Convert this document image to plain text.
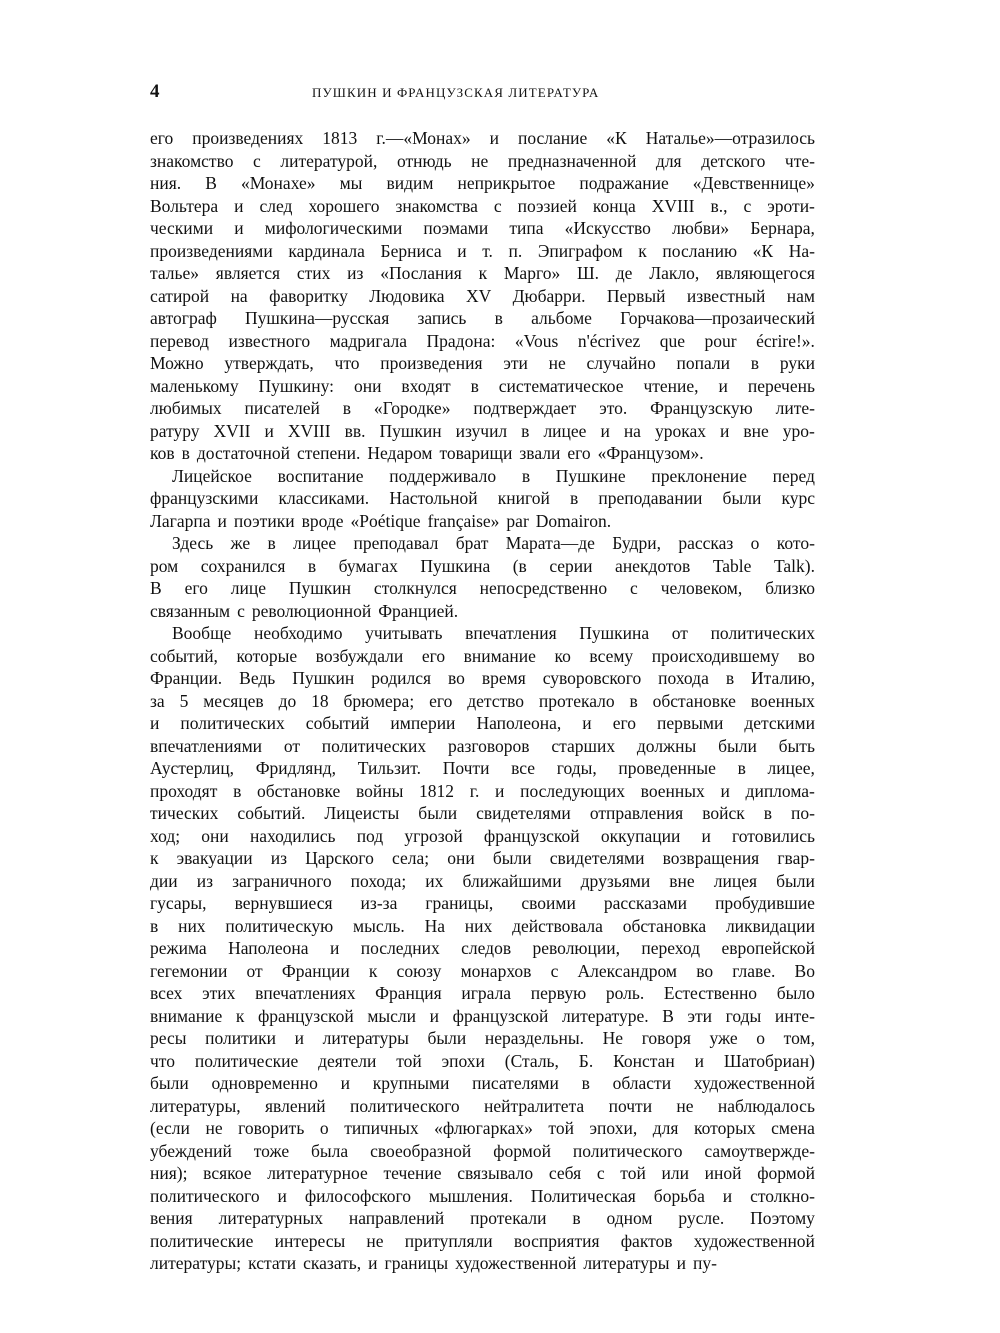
4	ПУШКИН И ФРАНЦУЗСКАЯ ЛИТЕРАТУРА
его произведениях 1813 г.—«Монах» и послание «К Наталье»—отразилось
знакомство с литературой, отнюдь не предназначенной для детского чте-
ния. В «Монахе» мы видим неприкрытое подражание «Девственнице»
Вольтера и след хорошего знакомства с поэзией конца XVIII в., с эроти-
ческими и мифологическими поэмами типа «Искусство любви» Бернара,
произведениями кардинала Берниса и т. п. Эпиграфом к посланию «К На-
талье» является стих из «Послания к Марго» Ш. де Лакло, являющегося
сатирой на фаворитку Людовика XV Дюбарри. Первый известный нам
автограф Пушкина—русская запись в альбоме Горчакова—прозаический
перевод известного мадригала Прадона: «Vous n'écrivez que pour écrire!».
Можно утверждать, что произведения эти не случайно попали в руки
маленькому Пушкину: они входят в систематическое чтение, и перечень
любимых писателей в «Городке» подтверждает это. Французскую лите-
ратуру XVII и XVIII вв. Пушкин изучил в лицее и на уроках и вне уро-
ков в достаточной степени. Недаром товарищи звали его «Французом».
Лицейское воспитание поддерживало в Пушкине преклонение перед
французскими классиками. Настольной книгой в преподавании были курс
Лагарпа и поэтики вроде «Poétique française» par Domairon.
Здесь же в лицее преподавал брат Марата—де Будри, рассказ о кото-
ром сохранился в бумагах Пушкина (в серии анекдотов Table Talk).
В его лице Пушкин столкнулся непосредственно с человеком, близко
связанным с революционной Францией.
Вообще необходимо учитывать впечатления Пушкина от политических
событий, которые возбуждали его внимание ко всему происходившему во
Франции. Ведь Пушкин родился во время суворовского похода в Италию,
за 5 месяцев до 18 брюмера; его детство протекало в обстановке военных
и политических событий империи Наполеона, и его первыми детскими
впечатлениями от политических разговоров старших должны были быть
Аустерлиц, Фридлянд, Тильзит. Почти все годы, проведенные в лицее,
проходят в обстановке войны 1812 г. и последующих военных и диплома-
тических событий. Лицеисты были свидетелями отправления войск в по-
ход; они находились под угрозой французской оккупации и готовились
к эвакуации из Царского села; они были свидетелями возвращения гвар-
дии из заграничного похода; их ближайшими друзьями вне лицея были
гусары, вернувшиеся из-за границы, своими рассказами пробудившие
в них политическую мысль. На них действовала обстановка ликвидации
режима Наполеона и последних следов революции, переход европейской
гегемонии от Франции к союзу монархов с Александром во главе. Во
всех этих впечатлениях Франция играла первую роль. Естественно было
внимание к французской мысли и французской литературе. В эти годы инте-
ресы политики и литературы были нераздельны. Не говоря уже о том,
что политические деятели той эпохи (Сталь, Б. Констан и Шатобриан)
были одновременно и крупными писателями в области художественной
литературы, явлений политического нейтралитета почти не наблюдалось
(если не говорить о типичных «флюгарках» той эпохи, для которых смена
убеждений тоже была своеобразной формой политического самоутвержде-
ния); всякое литературное течение связывало себя с той или иной формой
политического и философского мышления. Политическая борьба и столкно-
вения литературных направлений протекали в одном русле. Поэтому
политические интересы не притупляли восприятия фактов художественной
литературы; кстати сказать, и границы художественной литературы и пу-
